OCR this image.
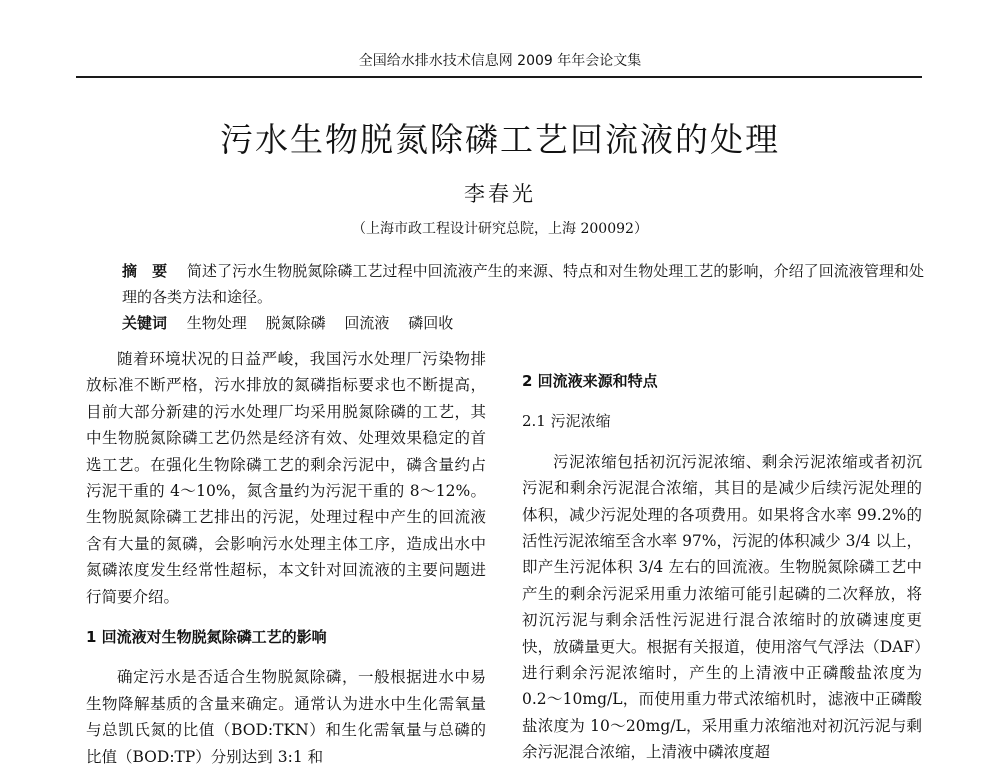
全国给水排水技术信息网 2009 年年会论文集
污水生物脱氮除磷工艺回流液的处理
李春光
（上海市政工程设计研究总院，上海 200092）
摘　要　 简述了污水生物脱氮除磷工艺过程中回流液产生的来源、特点和对生物处理工艺的影响，介绍了回流液管理和处理的各类方法和途径。
关键词　 生物处理 脱氮除磷 回流液 磷回收

随着环境状况的日益严峻，我国污水处理厂污染物排放标准不断严格，污水排放的氮磷指标要求也不断提高，目前大部分新建的污水处理厂均采用脱氮除磷的工艺，其中生物脱氮除磷工艺仍然是经济有效、处理效果稳定的首选工艺。在强化生物除磷工艺的剩余污泥中，磷含量约占污泥干重的 4～10%，氮含量约为污泥干重的 8～12%。生物脱氮除磷工艺排出的污泥，处理过程中产生的回流液含有大量的氮磷，会影响污水处理主体工序，造成出水中氮磷浓度发生经常性超标，本文针对回流液的主要问题进行简要介绍。

1 回流液对生物脱氮除磷工艺的影响

确定污水是否适合生物脱氮除磷，一般根据进水中易生物降解基质的含量来确定。通常认为进水中生化需氧量与总凯氏氮的比值（BOD:TKN）和生化需氧量与总磷的比值（BOD:TP）分别达到 3:1 和

2 回流液来源和特点
2.1 污泥浓缩

污泥浓缩包括初沉污泥浓缩、剩余污泥浓缩或者初沉污泥和剩余污泥混合浓缩，其目的是减少后续污泥处理的体积，减少污泥处理的各项费用。如果将含水率 99.2%的活性污泥浓缩至含水率 97%，污泥的体积减少 3/4 以上，即产生污泥体积 3/4 左右的回流液。生物脱氮除磷工艺中产生的剩余污泥采用重力浓缩可能引起磷的二次释放，将初沉污泥与剩余活性污泥进行混合浓缩时的放磷速度更快，放磷量更大。根据有关报道，使用溶气气浮法（DAF）进行剩余污泥浓缩时，产生的上清液中正磷酸盐浓度为 0.2～10mg/L，而使用重力带式浓缩机时，滤液中正磷酸盐浓度为 10～20mg/L，采用重力浓缩池对初沉污泥与剩余污泥混合浓缩，上清液中磷浓度超
